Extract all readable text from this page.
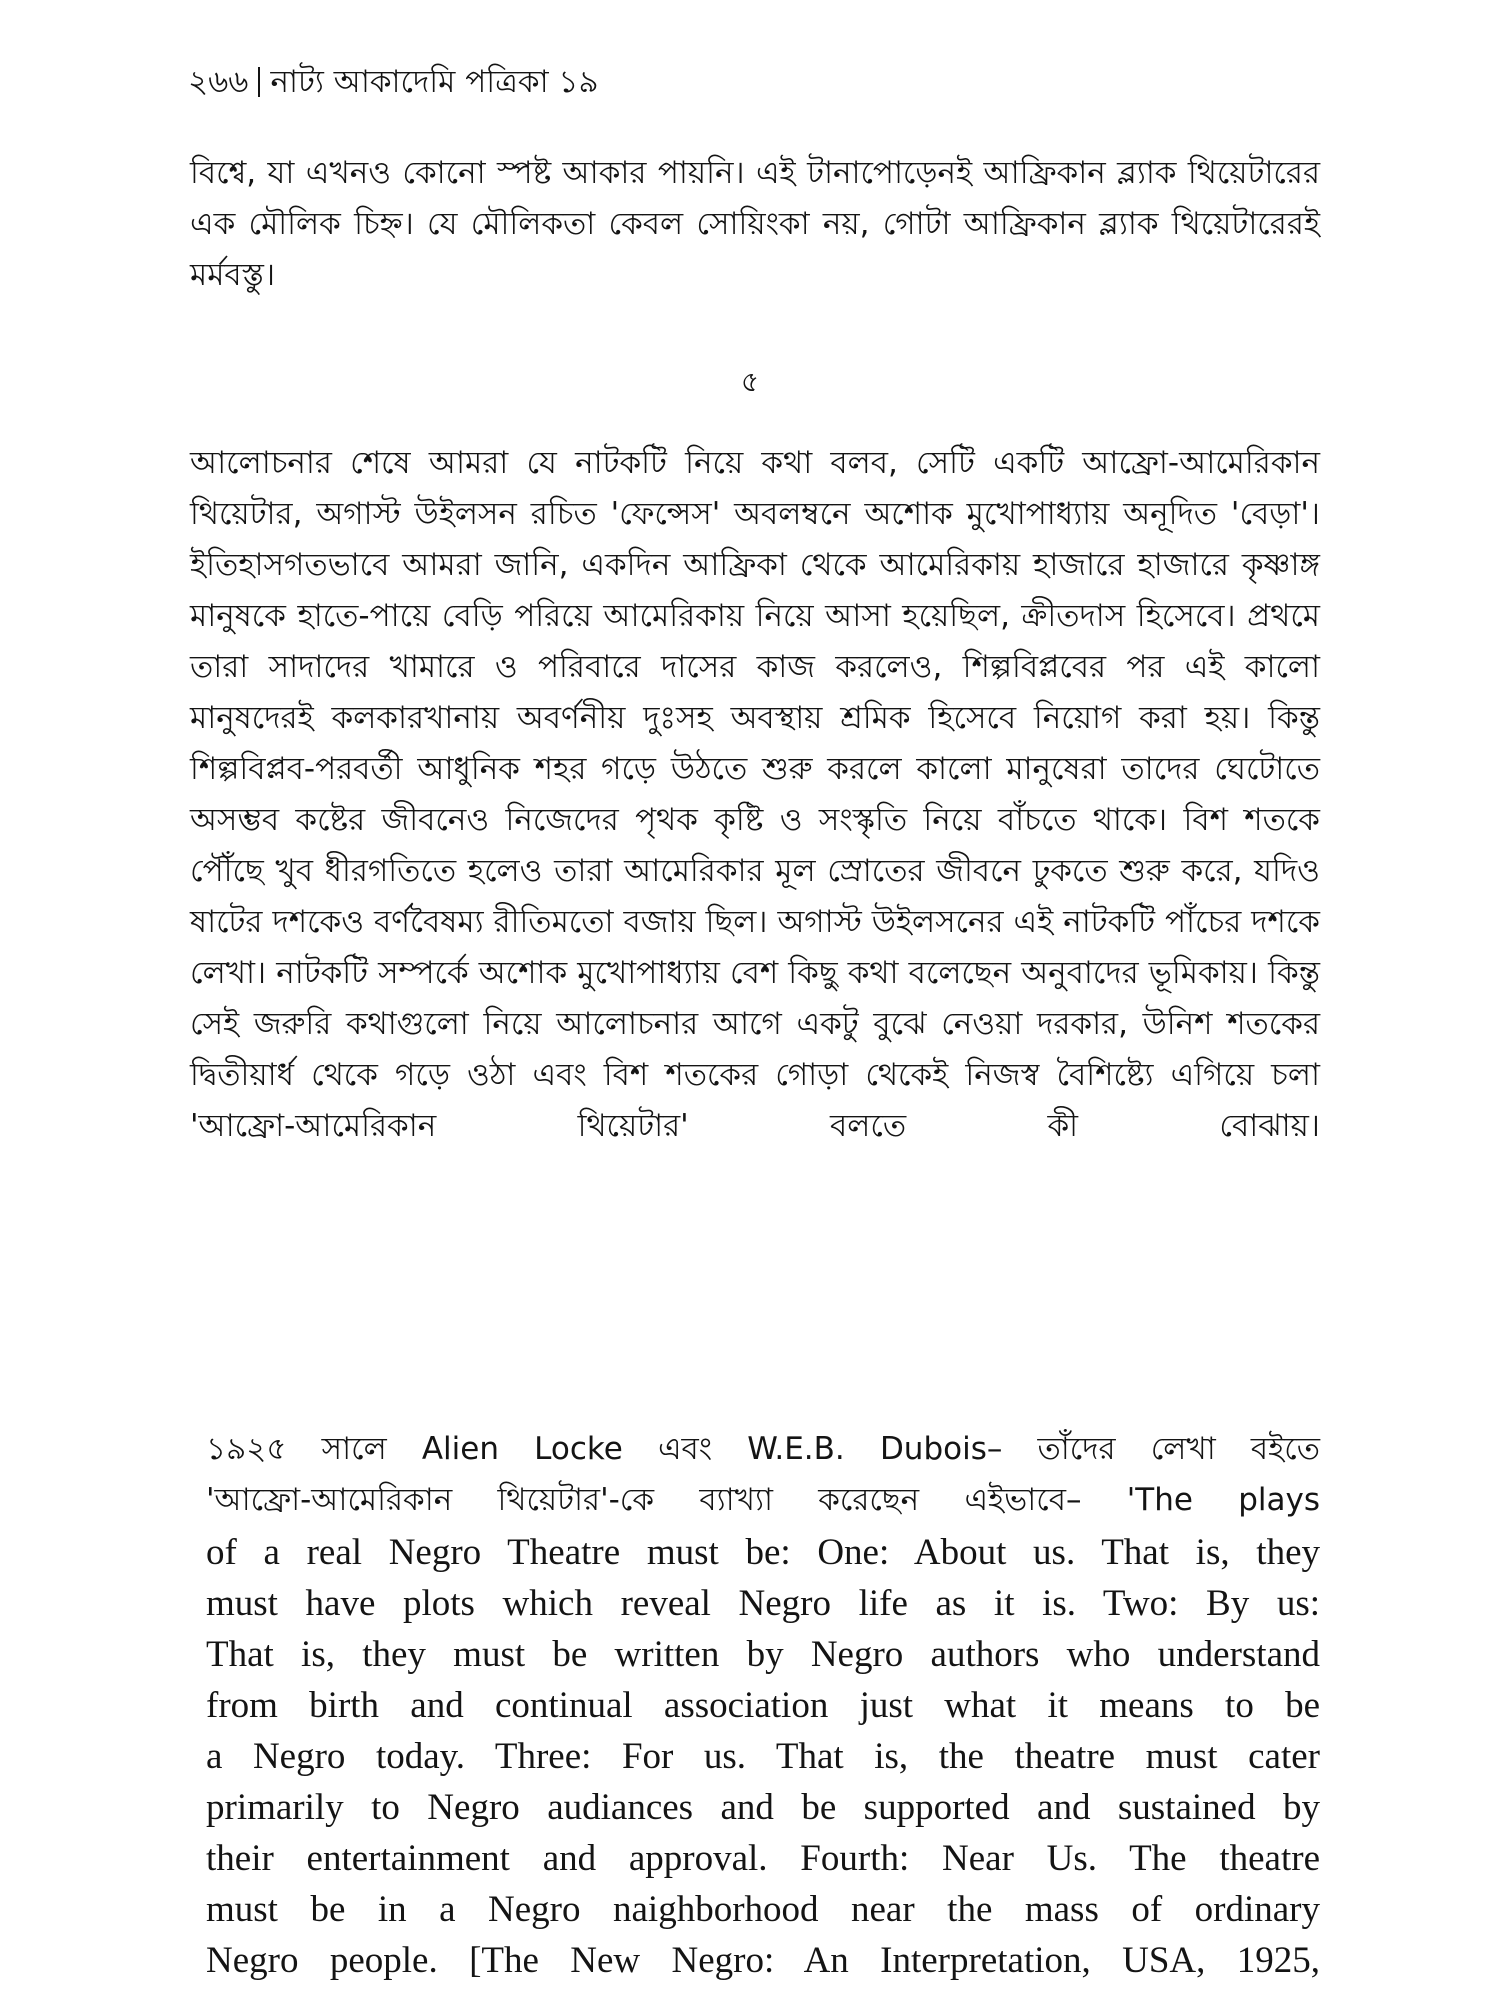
২৬৬ নাট্য আকাদেমি পত্রিকা ১৯

বিশ্বে, যা এখনও কোনো স্পষ্ট আকার পায়নি। এই টানাপোড়েনই আফ্রিকান ব্ল্যাক থিয়েটারের এক মৌলিক চিহ্ন। যে মৌলিকতা কেবল সোয়িংকা নয়, গোটা আফ্রিকান ব্ল্যাক থিয়েটারেরই মর্মবস্তু।

৫

আলোচনার শেষে আমরা যে নাটকটি নিয়ে কথা বলব, সেটি একটি আফ্রো-আমেরিকান থিয়েটার, অগাস্ট উইলসন রচিত 'ফেন্সেস' অবলম্বনে অশোক মুখোপাধ্যায় অনূদিত 'বেড়া'। ইতিহাসগতভাবে আমরা জানি, একদিন আফ্রিকা থেকে আমেরিকায় হাজারে হাজারে কৃষ্ণাঙ্গ মানুষকে হাতে-পায়ে বেড়ি পরিয়ে আমেরিকায় নিয়ে আসা হয়েছিল, ক্রীতদাস হিসেবে। প্রথমে তারা সাদাদের খামারে ও পরিবারে দাসের কাজ করলেও, শিল্পবিপ্লবের পর এই কালো মানুষদেরই কলকারখানায় অবর্ণনীয় দুঃসহ অবস্থায় শ্রমিক হিসেবে নিয়োগ করা হয়। কিন্তু শিল্পবিপ্লব-পরবর্তী আধুনিক শহর গড়ে উঠতে শুরু করলে কালো মানুষেরা তাদের ঘেটোতে অসম্ভব কষ্টের জীবনেও নিজেদের পৃথক কৃষ্টি ও সংস্কৃতি নিয়ে বাঁচতে থাকে। বিশ শতকে পৌঁছে খুব ধীরগতিতে হলেও তারা আমেরিকার মূল স্রোতের জীবনে ঢুকতে শুরু করে, যদিও ষাটের দশকেও বর্ণবৈষম্য রীতিমতো বজায় ছিল। অগাস্ট উইলসনের এই নাটকটি পাঁচের দশকে লেখা। নাটকটি সম্পর্কে অশোক মুখোপাধ্যায় বেশ কিছু কথা বলেছেন অনুবাদের ভূমিকায়। কিন্তু সেই জরুরি কথাগুলো নিয়ে আলোচনার আগে একটু বুঝে নেওয়া দরকার, উনিশ শতকের দ্বিতীয়ার্ধ থেকে গড়ে ওঠা এবং বিশ শতকের গোড়া থেকেই নিজস্ব বৈশিষ্ট্যে এগিয়ে চলা 'আফ্রো-আমেরিকান থিয়েটার' বলতে কী বোঝায়।

১৯২৫ সালে Alien Locke এবং W.E.B. Dubois– তাঁদের লেখা বইতে
'আফ্রো-আমেরিকান থিয়েটার'-কে ব্যাখ্যা করেছেন এইভাবে– 'The plays
of a real Negro Theatre must be: One: About us. That is, they
must have plots which reveal Negro life as it is. Two: By us:
That is, they must be written by Negro authors who understand
from birth and continual association just what it means to be
a Negro today. Three: For us. That is, the theatre must cater
primarily to Negro audiances and be supported and sustained by
their entertainment and approval. Fourth: Near Us. The theatre
must be in a Negro naighborhood near the mass of ordinary
Negro people. [The New Negro: An Interpretation, USA, 1925,
